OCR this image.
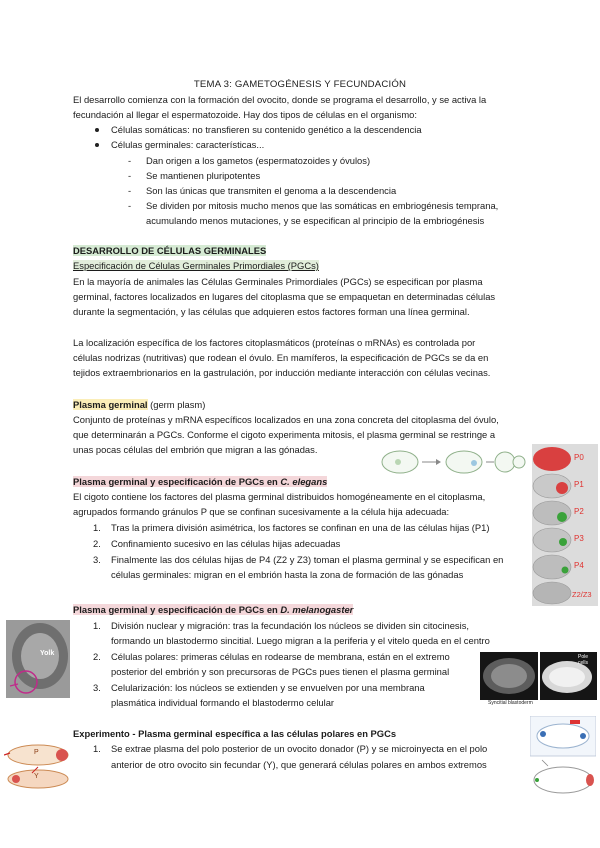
TEMA 3: GAMETOGÉNESIS Y FECUNDACIÓN
El desarrollo comienza con la formación del ovocito, donde se programa el desarrollo, y se activa la
fecundación al llegar el espermatozoide. Hay dos tipos de células en el organismo:
Células somáticas: no transfieren su contenido genético a la descendencia
Células germinales: características...
- Dan origen a los gametos (espermatozoides y óvulos)
- Se mantienen pluripotentes
- Son las únicas que transmiten el genoma a la descendencia
- Se dividen por mitosis mucho menos que las somáticas en embriogénesis temprana,
acumulando menos mutaciones, y se especifican al principio de la embriogénesis
DESARROLLO DE CÉLULAS GERMINALES
Especificación de Células Germinales Primordiales (PGCs)
En la mayoría de animales las Células Germinales Primordiales (PGCs) se especifican por plasma
germinal, factores localizados en lugares del citoplasma que se empaquetan en determinadas células
durante la segmentación, y las células que adquieren estos factores forman una línea germinal.
La localización específica de los factores citoplasmáticos (proteínas o mRNAs) es controlada por
células nodrizas (nutritivas) que rodean el óvulo. En mamíferos, la especificación de PGCs se da en
tejidos extraembrionarios en la gastrulación, por inducción mediante interacción con células vecinas.
Plasma germinal (germ plasm)
Conjunto de proteínas y mRNA específicos localizados en una zona concreta del citoplasma del óvulo,
que determinarán a PGCs. Conforme el cigoto experimenta mitosis, el plasma germinal se restringe a
unas pocas células del embrión que migran a las gónadas.
Plasma germinal y especificación de PGCs en C. elegans
El cigoto contiene los factores del plasma germinal distribuidos homogéneamente en el citoplasma,
agrupados formando gránulos P que se confinan sucesivamente a la célula hija adecuada:
1. Tras la primera división asimétrica, los factores se confinan en una de las células hijas (P1)
2. Confinamiento sucesivo en las células hijas adecuadas
3. Finalmente las dos células hijas de P4 (Z2 y Z3) toman el plasma germinal y se especifican en
células germinales: migran en el embrión hasta la zona de formación de las gónadas
P0
P1
P2
P3
P4
Z2/Z3
Plasma germinal y especificación de PGCs en D. melanogaster
1. División nuclear y migración: tras la fecundación los núcleos se dividen sin citocinesis,
formando un blastodermo sincitial. Luego migran a la periferia y el vitelo queda en el centro
2. Células polares: primeras células en rodearse de membrana, están en el extremo
posterior del embrión y son precursoras de PGCs pues tienen el plasma germinal
3. Celularización: los núcleos se extienden y se envuelven por una membrana
plasmática individual formando el blastodermo celular
Yolk	Pole cells
Syncitial blastoderm
Experimento - Plasma germinal específica a las células polares en PGCs
1. Se extrae plasma del polo posterior de un ovocito donador (P) y se microinyecta en el polo
anterior de otro ovocito sin fecundar (Y), que generará células polares en ambos extremos
P
Y
